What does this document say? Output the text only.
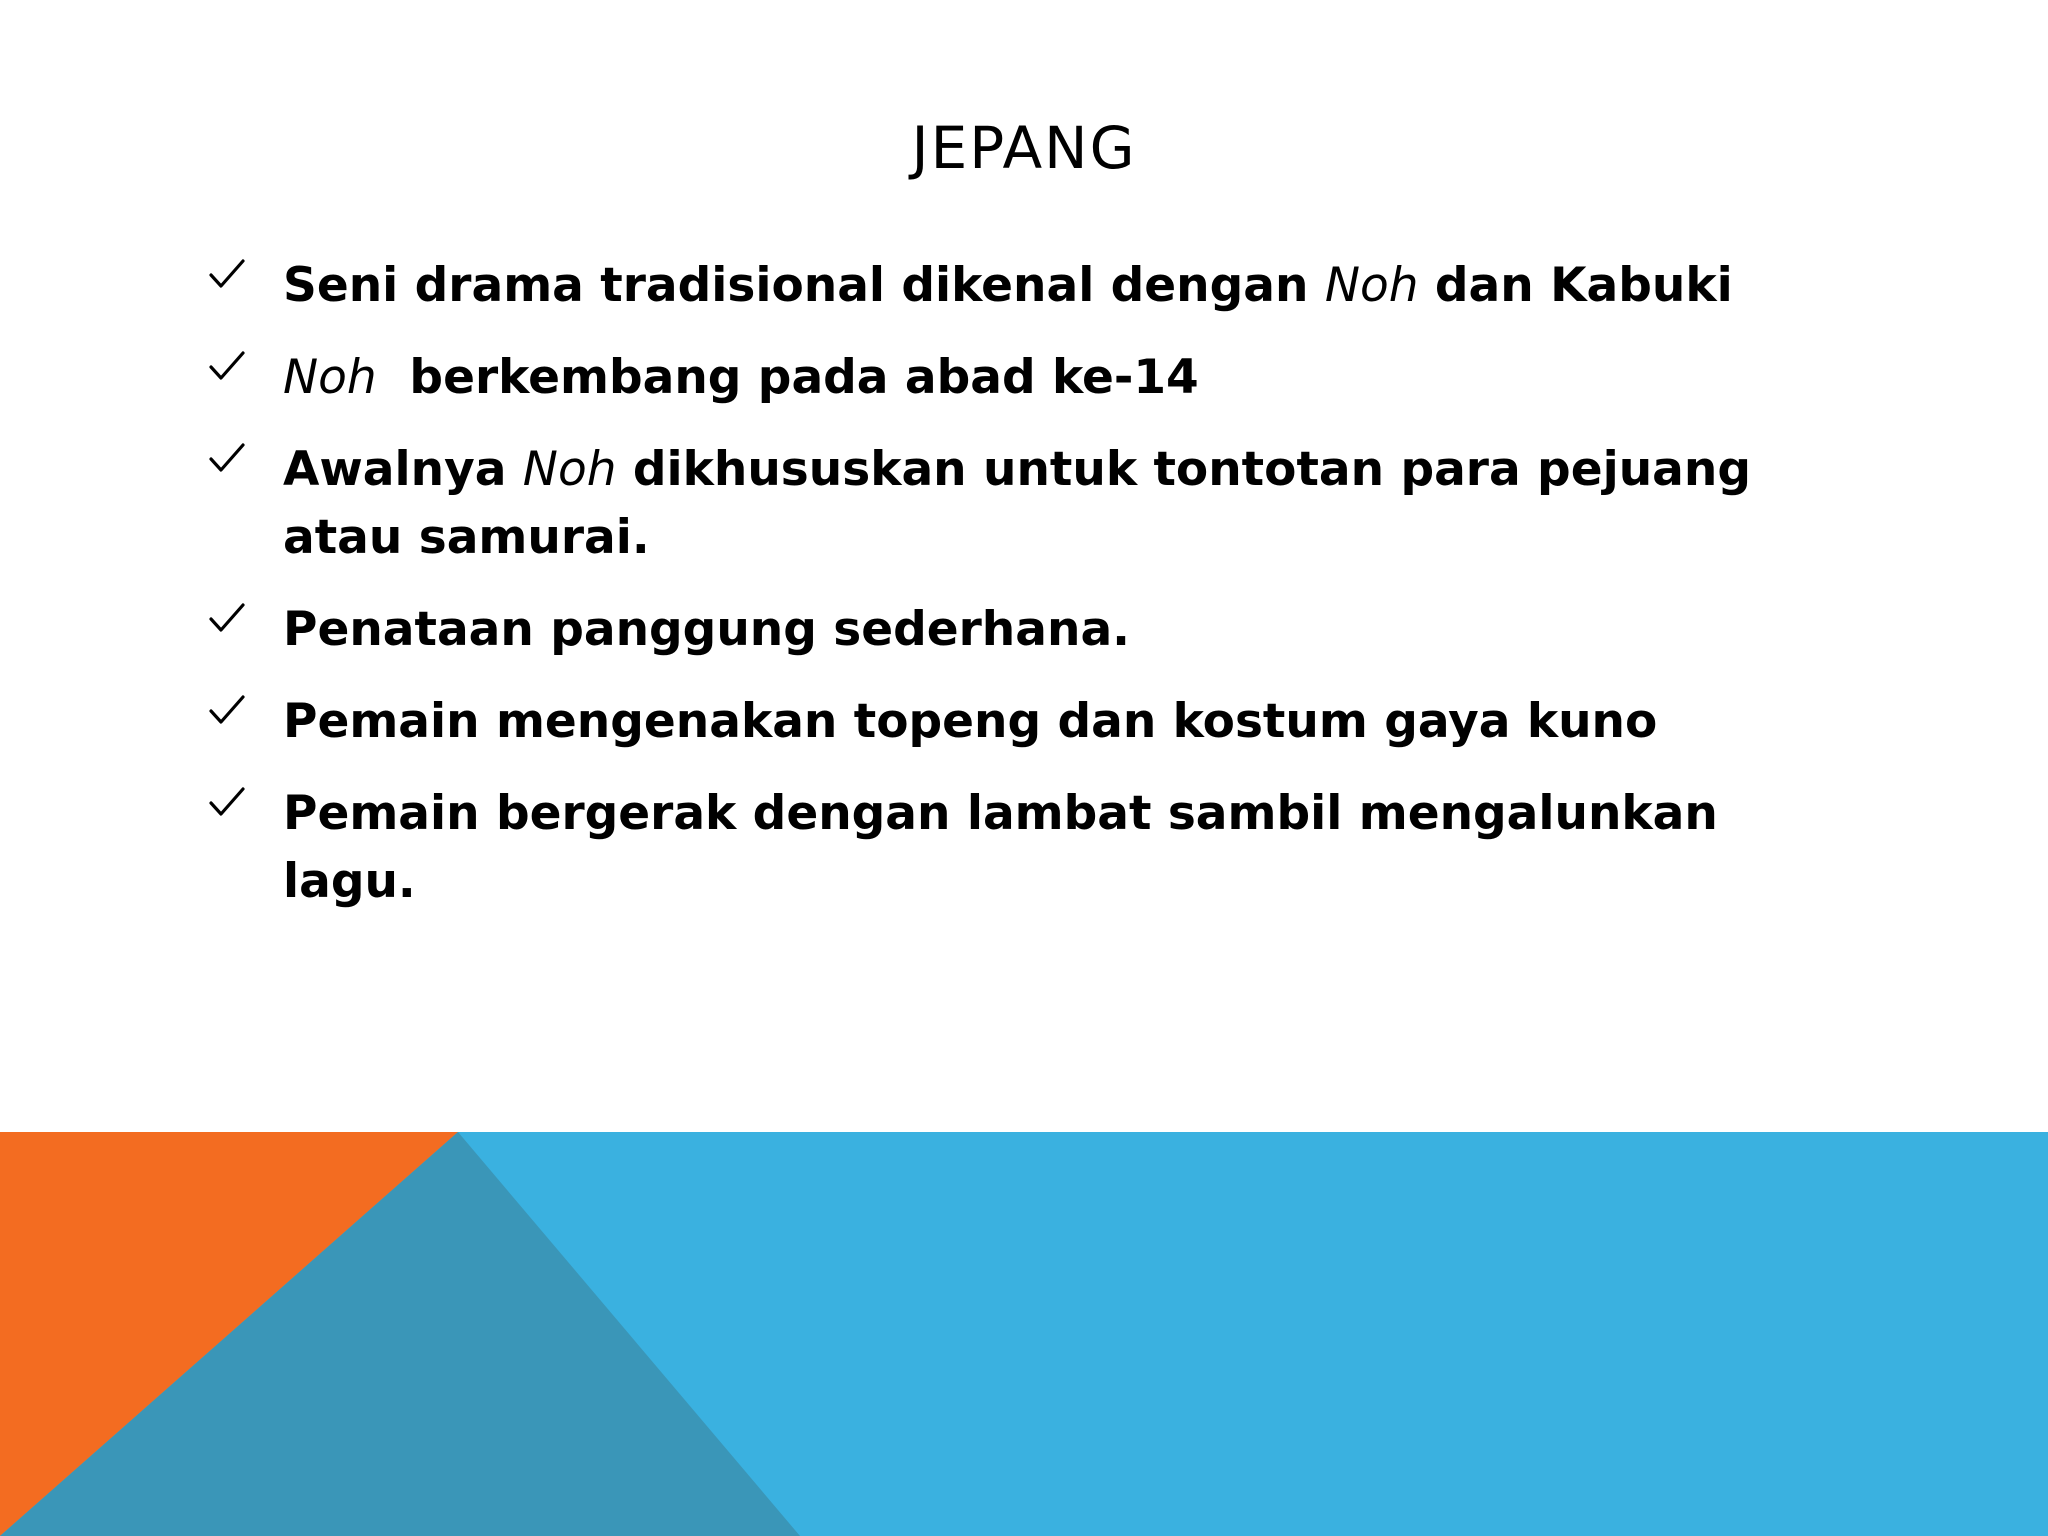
JEPANG
Seni drama tradisional dikenal dengan Noh dan Kabuki
Noh  berkembang pada abad ke-14
Awalnya Noh dikhususkan untuk tontotan para pejuang atau samurai.
Penataan panggung sederhana.
Pemain mengenakan topeng dan kostum gaya kuno
Pemain bergerak dengan lambat sambil mengalunkan lagu.
